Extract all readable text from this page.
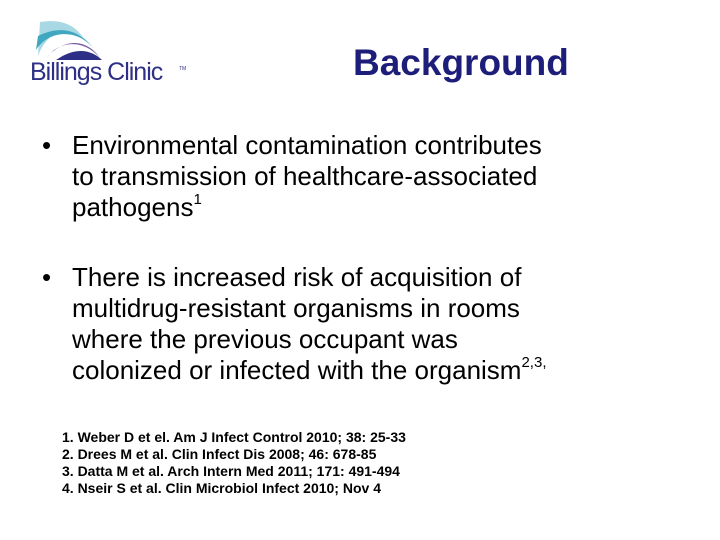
Billings Clinic	TM	Background
• Environmental contamination contributes
to transmission of healthcare-associated
pathogens$^1$
• There is increased risk of acquisition of
multidrug-resistant organisms in rooms
where the previous occupant was
colonized or infected with the organism$^{2,3,}$
1. Weber D et el. Am J Infect Control 2010; 38: 25-33
2. Drees M et al. Clin Infect Dis 2008; 46: 678-85
3. Datta M et al. Arch Intern Med 2011; 171: 491-494
4. Nseir S et al. Clin Microbiol Infect 2010; Nov 4
